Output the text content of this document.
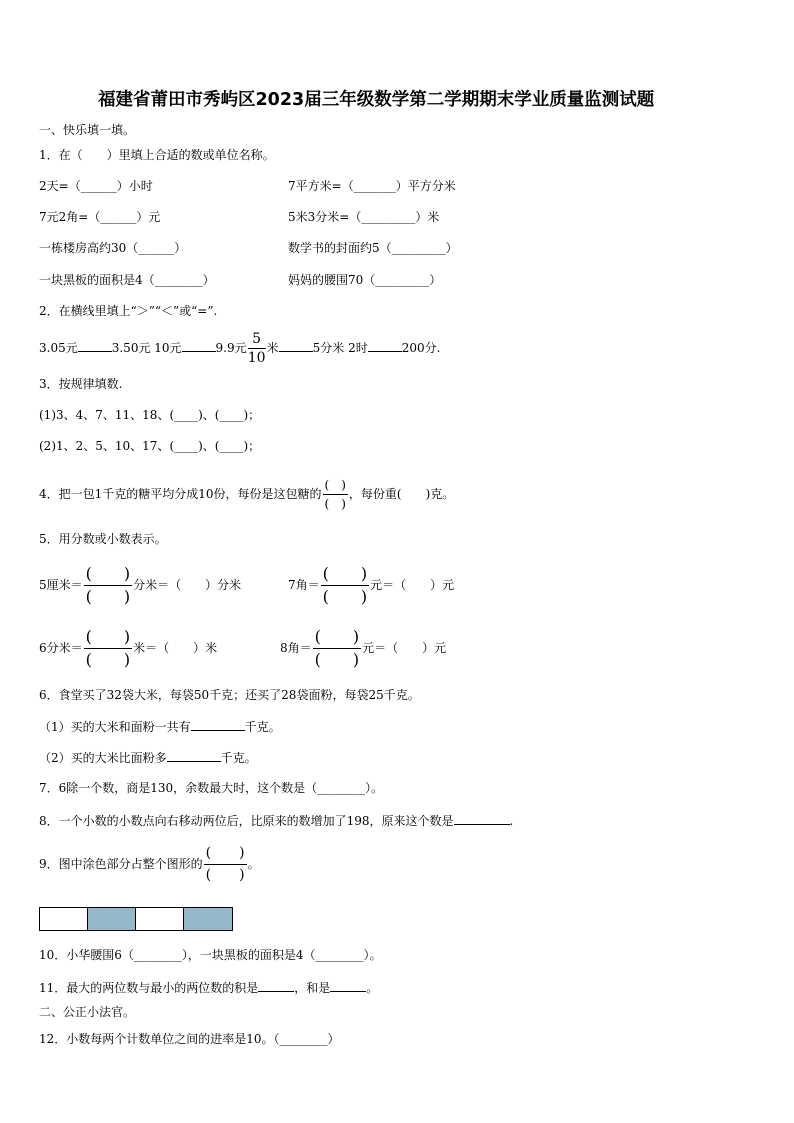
福建省莆田市秀屿区2023届三年级数学第二学期期末学业质量监测试题
一、快乐填一填。
1．在（　　）里填上合适的数或单位名称。
2天=（______）小时	7平方米=（_______）平方分米
7元2角=（______）元	5米3分米=（_________）米
一栋楼房高约30（______）	数学书的封面约5（_________）
一块黑板的面积是4（________）	妈妈的腰围70（_________）
2．在横线里填上“＞”“＜”或“=”.
3.05元	3.50元 10元	9.9元 $\frac{5}{10}$ 米	5分米 2时	200分.
3．按规律填数.
(1)3、4、7、11、18、(____)、(____)；
(2)1、2、5、10、17、(____)、(____)；
4．把一包1千克的糖平均分成10份，每份是这包糖的 $\frac{( )}{( )}$ ，每份重(　　)克。
5．用分数或小数表示。
5厘米＝ $\frac{( )}{( )}$ 分米＝（　　）分米	7角＝ $\frac{( )}{( )}$ 元＝（　　）元
6分米＝ $\frac{( )}{( )}$ 米＝（　　）米	8角＝ $\frac{( )}{( )}$ 元＝（　　）元
6．食堂买了32袋大米，每袋50千克；还买了28袋面粉，每袋25千克。
（1）买的大米和面粉一共有	千克。
（2）买的大米比面粉多	千克。
7．6除一个数，商是130，余数最大时，这个数是（________）。
8．一个小数的小数点向右移动两位后，比原来的数增加了198，原来这个数是	.
9．图中涂色部分占整个图形的 $\frac{( )}{( )}$ 。
10．小华腰围6（________），一块黑板的面积是4（________）。
11．最大的两位数与最小的两位数的积是	，和是	。
二、公正小法官。
12．小数每两个计数单位之间的进率是10。（________）
